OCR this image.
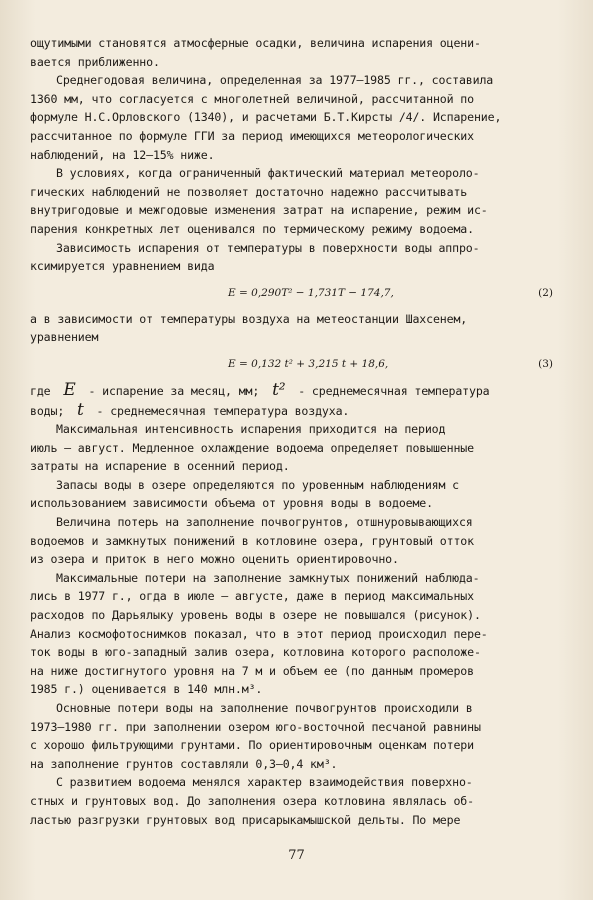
ощутимыми становятся атмосферные осадки, величина испарения оцени-
вается приближенно.
Среднегодовая величина, определенная за 1977–1985 гг., составила
1360 мм, что согласуется с многолетней величиной, рассчитанной по
формуле Н.С.Орловского (1340), и расчетами Б.Т.Кирсты /4/. Испарение,
рассчитанное по формуле ГГИ за период имеющихся метеорологических
наблюдений, на 12–15% ниже.
В условиях, когда ограниченный фактический материал метеороло-
гических наблюдений не позволяет достаточно надежно рассчитывать
внутригодовые и межгодовые изменения затрат на испарение, режим ис-
парения конкретных лет оценивался по термическому режиму водоема.
Зависимость испарения от температуры в поверхности воды аппро-
ксимируется уравнением вида
E = 0,290T² − 1,731T − 174,7,	(2)
а в зависимости от температуры воздуха на метеостанции Шахсенем,
уравнением
E = 0,132 t² + 3,215 t + 18,6,	(3)
где E - испарение за месяц, мм; t² - среднемесячная температура
воды; t - среднемесячная температура воздуха.
Максимальная интенсивность испарения приходится на период
июль – август. Медленное охлаждение водоема определяет повышенные
затраты на испарение в осенний период.
Запасы воды в озере определяются по уровенным наблюдениям с
использованием зависимости объема от уровня воды в водоеме.
Величина потерь на заполнение почвогрунтов, отшнуровывающихся
водоемов и замкнутых понижений в котловине озера, грунтовый отток
из озера и приток в него можно оценить ориентировочно.
Максимальные потери на заполнение замкнутых понижений наблюда-
лись в 1977 г., огда в июле – августе, даже в период максимальных
расходов по Дарьялыку уровень воды в озере не повышался (рисунок).
Анализ космофотоснимков показал, что в этот период происходил пере-
ток воды в юго-западный залив озера, котловина которого расположе-
на ниже достигнутого уровня на 7 м и объем ее (по данным промеров
1985 г.) оценивается в 140 млн.м³.
Основные потери воды на заполнение почвогрунтов происходили в
1973–1980 гг. при заполнении озером юго-восточной песчаной равнины
с хорошо фильтрующими грунтами. По ориентировочным оценкам потери
на заполнение грунтов составляли 0,3–0,4 км³.
С развитием водоема менялся характер взаимодействия поверхно-
стных и грунтовых вод. До заполнения озера котловина являлась об-
ластью разгрузки грунтовых вод присарыкамышской дельты. По мере
77
